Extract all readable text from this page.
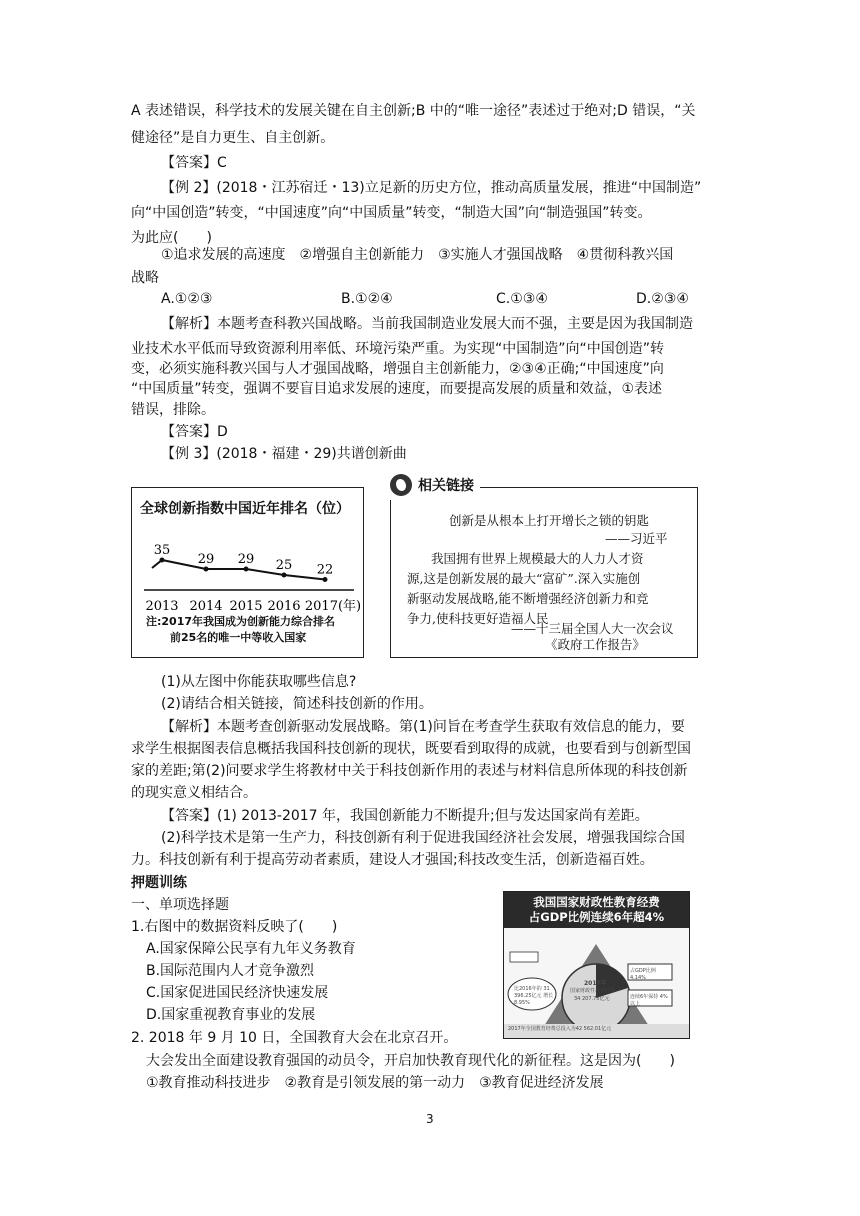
A 表述错误，科学技术的发展关键在自主创新;B 中的“唯一途径”表述过于绝对;D 错误，“关
健途径”是自力更生、自主创新。
【答案】C
【例 2】(2018・江苏宿迁・13)立足新的历史方位，推动高质量发展，推进“中国制造”
向“中国创造”转变，“中国速度”向“中国质量”转变，“制造大国”向“制造强国”转变。
为此应(　　)
①追求发展的高速度　②增强自主创新能力　③实施人才强国战略　④贯彻科教兴国
战略
A.①②③	B.①②④	C.①③④	D.②③④
【解析】本题考查科教兴国战略。当前我国制造业发展大而不强，主要是因为我国制造
业技术水平低而导致资源利用率低、环境污染严重。为实现“中国制造”向“中国创造”转
变，必须实施科教兴国与人才强国战略，增强自主创新能力，②③④正确;“中国速度”向
“中国质量”转变，强调不要盲目追求发展的速度，而要提高发展的质量和效益，①表述
错误，排除。
【答案】D
【例 3】(2018・福建・29)共谱创新曲
全球创新指数中国近年排名（位）
35
2013
29
2014
29
2015
25
2016
22
2017(年)
注:2017年我国成为创新能力综合排名
前25名的唯一中等收入国家
创新是从根本上打开增长之锁的钥匙
——习近平
我国拥有世界上规模最大的人力人才资
源,这是创新发展的最大“富矿”.深入实施创
新驱动发展战略,能不断增强经济创新力和竞
争力,使科技更好造福人民
——十三届全国人大一次会议
《政府工作报告》
相关链接
(1)从左图中你能获取哪些信息?
(2)请结合相关链接，简述科技创新的作用。
【解析】本题考查创新驱动发展战略。第(1)问旨在考查学生获取有效信息的能力，要
求学生根据图表信息概括我国科技创新的现状，既要看到取得的成就，也要看到与创新型国
家的差距;第(2)问要求学生将教材中关于科技创新作用的表述与材料信息所体现的科技创新
的现实意义相结合。
【答案】(1) 2013-2017 年，我国创新能力不断提升;但与发达国家尚有差距。
(2)科学技术是第一生产力，科技创新有利于促进我国经济社会发展，增强我国综合国
力。科技创新有利于提高劳动者素质，建设人才强国;科技改变生活，创新造福百姓。
押题训练
一、单项选择题
1.右图中的数据资料反映了(　　)
A.国家保障公民享有九年义务教育
B.国际范围内人才竞争激烈
C.国家促进国民经济快速发展
D.国家重视教育事业的发展
2. 2018 年 9 月 10 日，全国教育大会在北京召开。
大会发出全面建设教育强国的动员令，开启加快教育现代化的新征程。这是因为(　　)
①教育推动科技进步　②教育是引领发展的第一动力　③教育促进经济发展
我国国家财政性教育经费
占GDP比例连续6年超4%
2017年
国家财政性教育经费
34 207.75亿元
占GDP比例 4.14%
连续6年保持 4%以上
比2016年的 31 396.25亿元 增长8.95%
2017年全国教育经费总投入为42 562.01亿元
3
